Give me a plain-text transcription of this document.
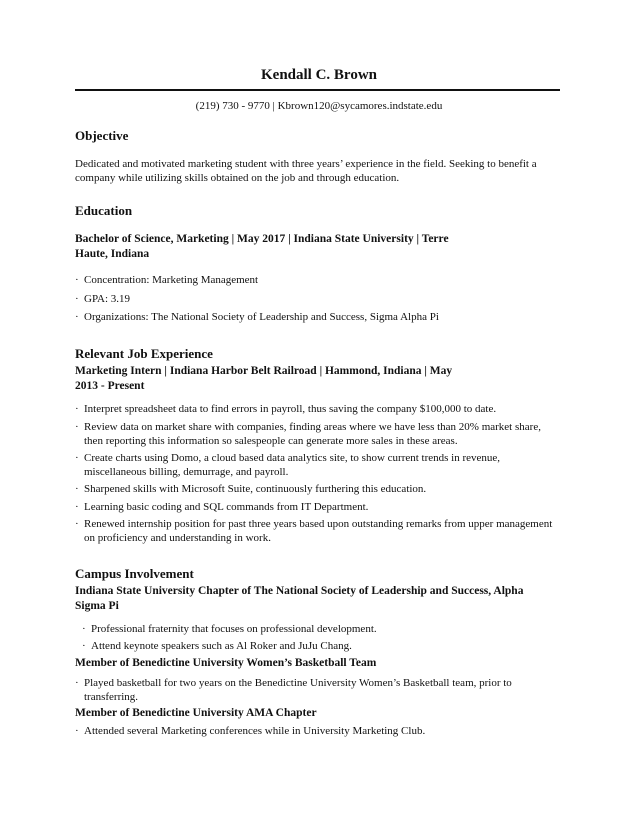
Kendall C. Brown
(219) 730 - 9770 | Kbrown120@sycamores.indstate.edu
Objective
Dedicated and motivated marketing student with three years’ experience in the field. Seeking to benefit a company while utilizing skills obtained on the job and through education.
Education
Bachelor of Science, Marketing | May 2017 | Indiana State University | Terre Haute, Indiana
· Concentration: Marketing Management
· GPA: 3.19
· Organizations: The National Society of Leadership and Success, Sigma Alpha Pi
Relevant Job Experience
Marketing Intern | Indiana Harbor Belt Railroad | Hammond, Indiana | May 2013 - Present
· Interpret spreadsheet data to find errors in payroll, thus saving the company $100,000 to date.
· Review data on market share with companies, finding areas where we have less than 20% market share, then reporting this information so salespeople can generate more sales in these areas.
· Create charts using Domo, a cloud based data analytics site, to show current trends in revenue, miscellaneous billing, demurrage, and payroll.
· Sharpened skills with Microsoft Suite, continuously furthering this education.
· Learning basic coding and SQL commands from IT Department.
· Renewed internship position for past three years based upon outstanding remarks from upper management on proficiency and understanding in work.
Campus Involvement
Indiana State University Chapter of The National Society of Leadership and Success, Alpha Sigma Pi
· Professional fraternity that focuses on professional development.
· Attend keynote speakers such as Al Roker and JuJu Chang.
Member of Benedictine University Women’s Basketball Team
· Played basketball for two years on the Benedictine University Women’s Basketball team, prior to transferring.
Member of Benedictine University AMA Chapter
· Attended several Marketing conferences while in University Marketing Club.
